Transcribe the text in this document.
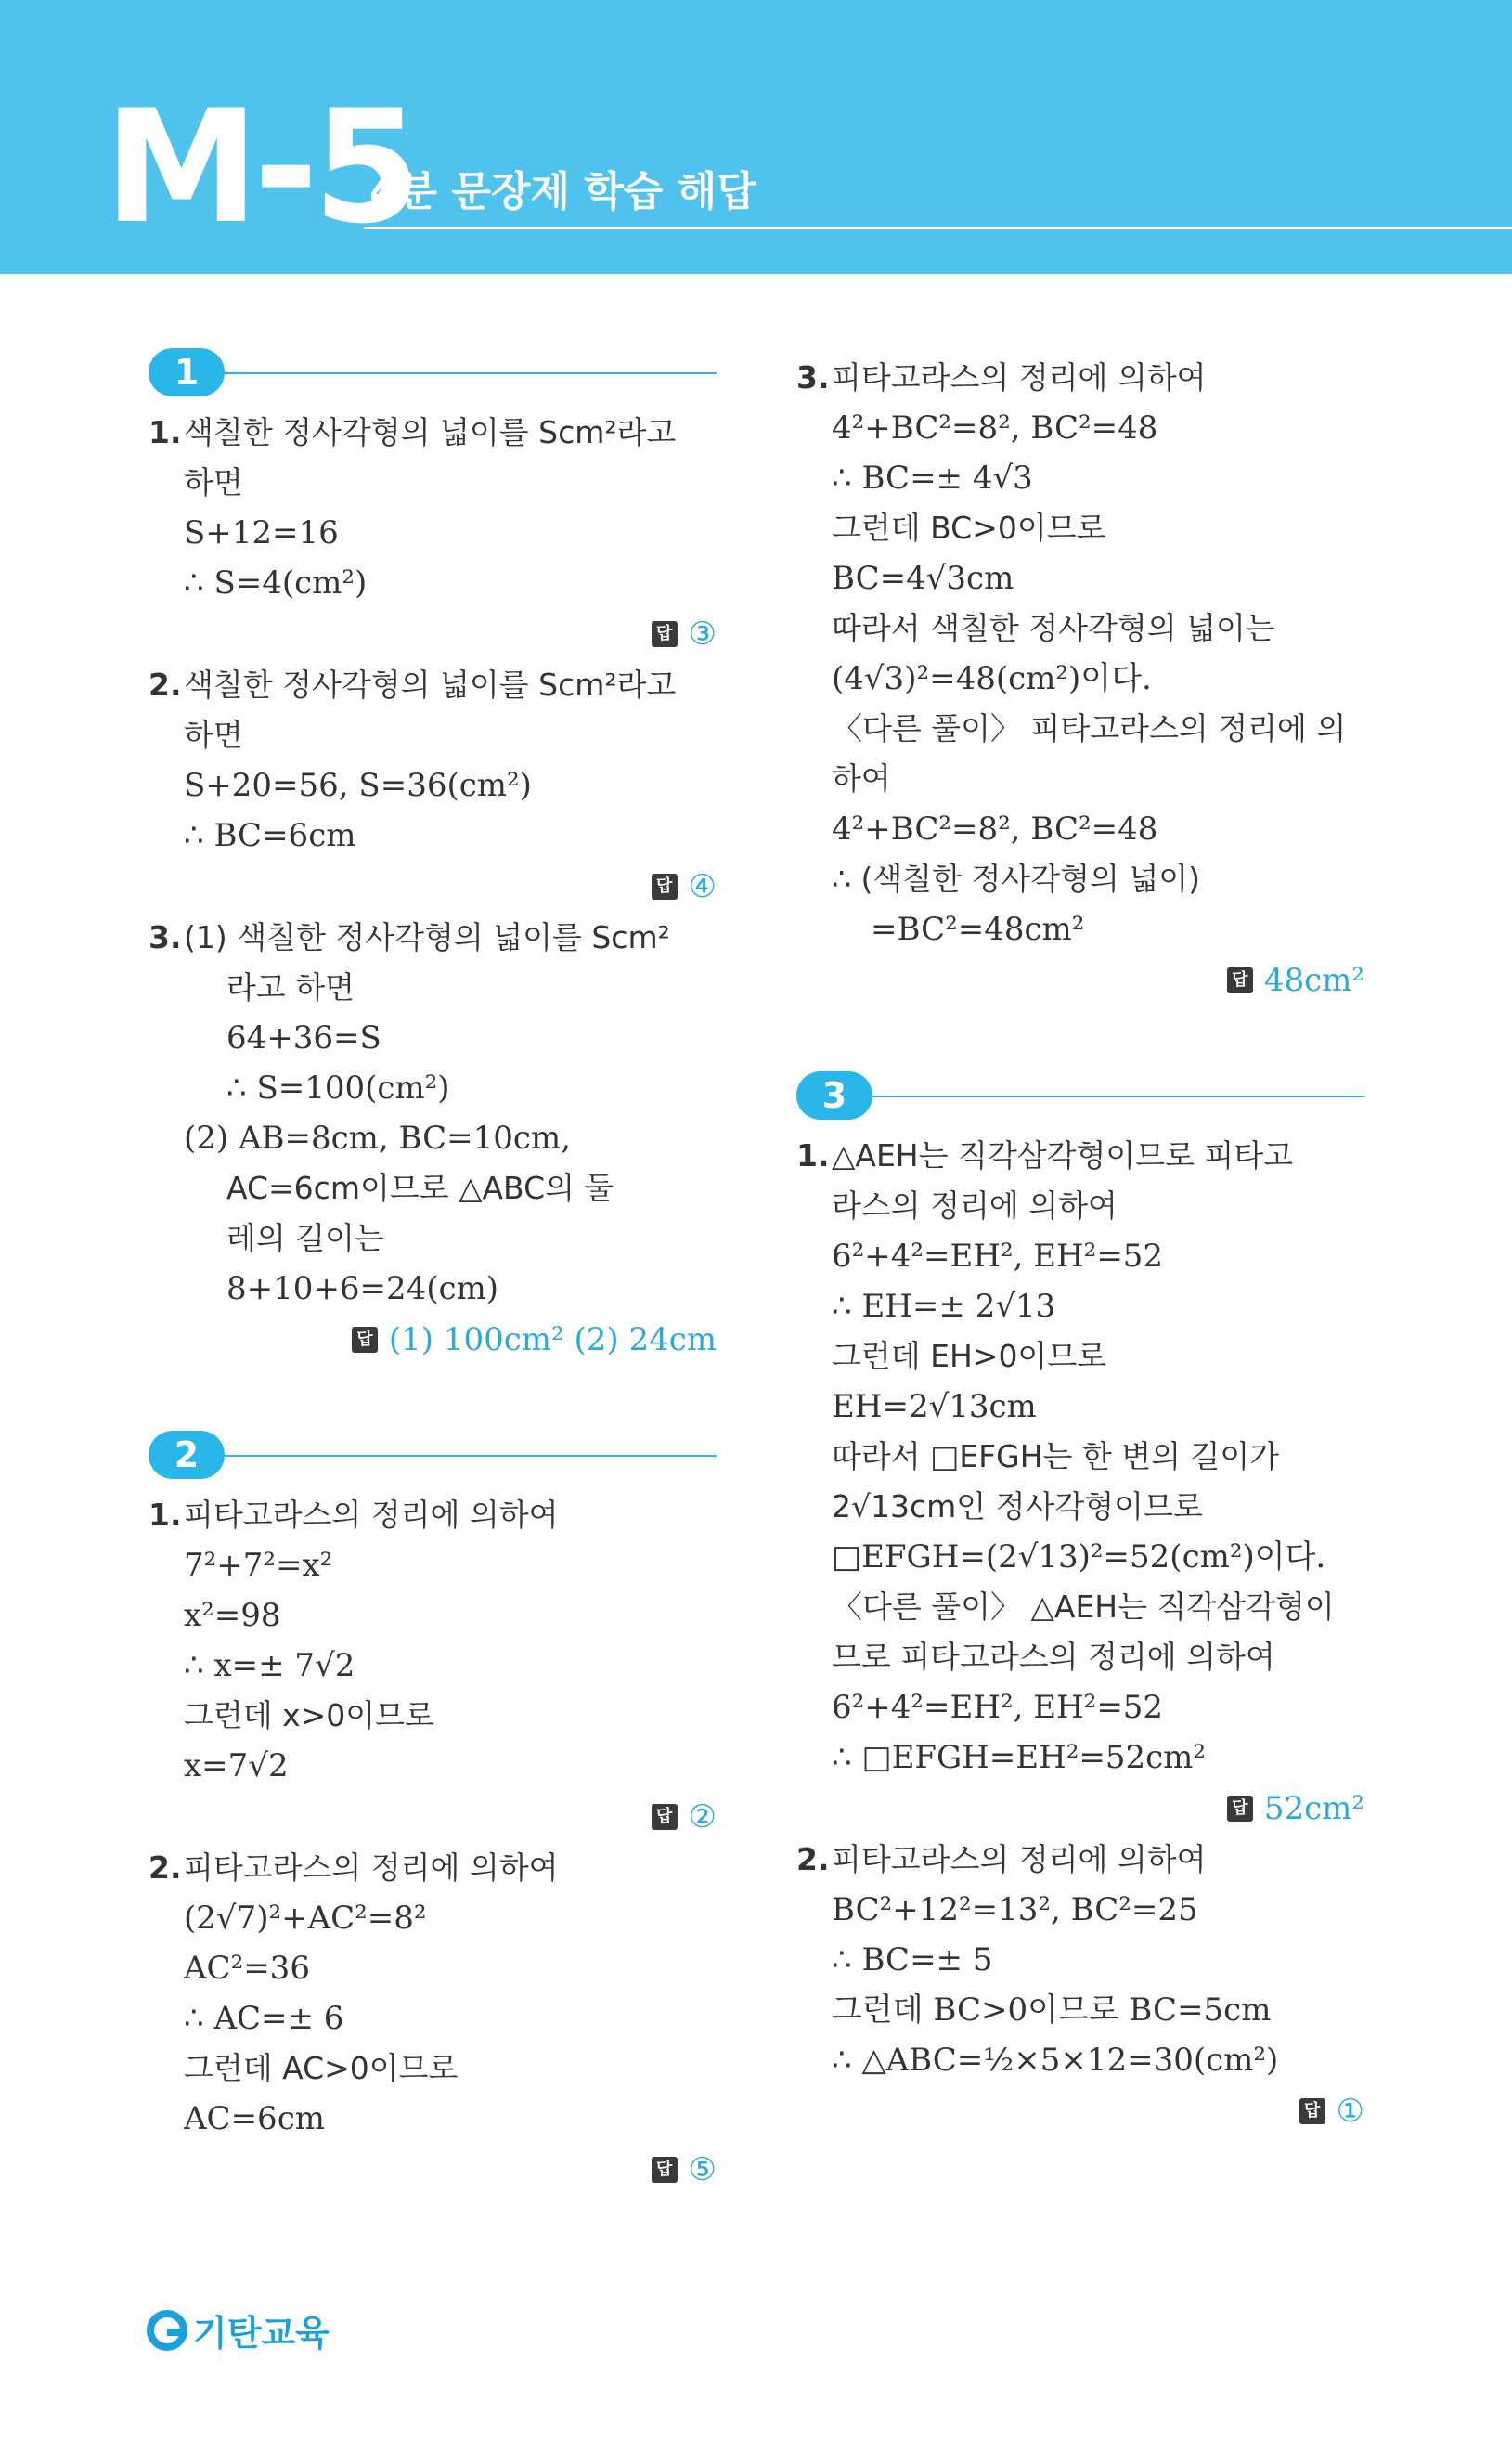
M-5
4분 문장제 학습 해답
1
1. 색칠한 정사각형의 넓이를 Scm²라고
하면
S+12=16
∴ S=4(cm²)
답 ③
2. 색칠한 정사각형의 넓이를 Scm²라고
하면
S+20=56, S=36(cm²)
∴ BC=6cm
답 ④
3. (1) 색칠한 정사각형의 넓이를 Scm²
라고 하면
64+36=S
∴ S=100(cm²)
(2) AB=8cm, BC=10cm,
AC=6cm이므로 △ABC의 둘
레의 길이는
8+10+6=24(cm)
답 (1) 100cm² (2) 24cm
2
1. 피타고라스의 정리에 의하여
7²+7²=x²
x²=98
∴ x=± 7√2
그런데 x>0이므로
x=7√2
답 ②
2. 피타고라스의 정리에 의하여
(2√7)²+AC²=8²
AC²=36
∴ AC=± 6
그런데 AC>0이므로
AC=6cm
답 ⑤
3. 피타고라스의 정리에 의하여
4²+BC²=8², BC²=48
∴ BC=± 4√3
그런데 BC>0이므로
BC=4√3cm
따라서 색칠한 정사각형의 넓이는
(4√3)²=48(cm²)이다.
〈다른 풀이〉 피타고라스의 정리에 의
하여
4²+BC²=8², BC²=48
∴ (색칠한 정사각형의 넓이)
=BC²=48cm²
답 48cm²
3
1. △AEH는 직각삼각형이므로 피타고
라스의 정리에 의하여
6²+4²=EH², EH²=52
∴ EH=± 2√13
그런데 EH>0이므로
EH=2√13cm
따라서 □EFGH는 한 변의 길이가
2√13cm인 정사각형이므로
□EFGH=(2√13)²=52(cm²)이다.
〈다른 풀이〉 △AEH는 직각삼각형이
므로 피타고라스의 정리에 의하여
6²+4²=EH², EH²=52
∴ □EFGH=EH²=52cm²
답 52cm²
2. 피타고라스의 정리에 의하여
BC²+12²=13², BC²=25
∴ BC=± 5
그런데 BC>0이므로 BC=5cm
∴ △ABC=½×5×12=30(cm²)
답 ①
기탄교육
